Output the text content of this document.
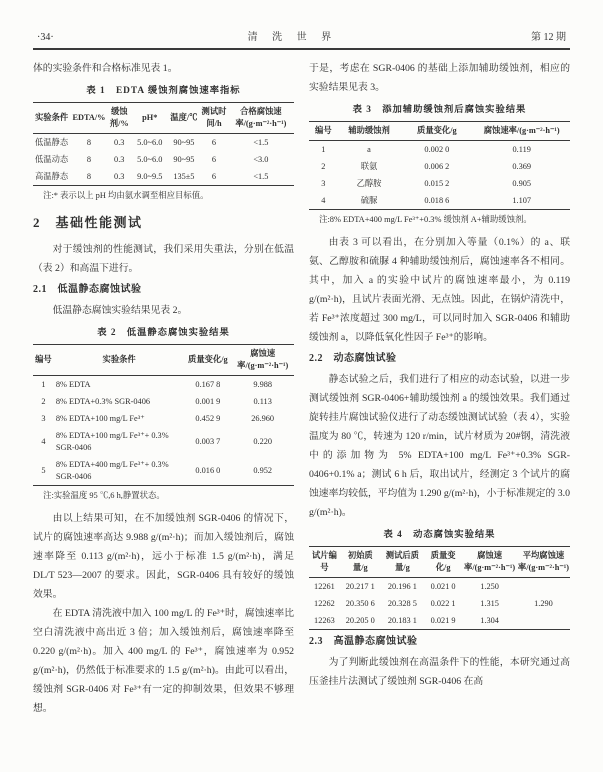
·34·	清 洗 世 界	第 12 期

体的实验条件和合格标准见表 1。

表 1　EDTA 缓蚀剂腐蚀速率指标
实验条件	EDTA/%	缓蚀剂/%	pH*	温度/℃	测试时间/h	合格腐蚀速率/(g·m⁻²·h⁻¹)
低温静态	8	0.3	5.0~6.0	90~95	6	<1.5
低温动态	8	0.3	5.0~6.0	90~95	6	<3.0
高温静态	8	0.3	9.0~9.5	135±5	6	<1.5

注:* 表示以上 pH 均由氨水调至相应目标值。

2　基础性能测试

对于缓蚀剂的性能测试，我们采用失重法，分别在低温（表 2）和高温下进行。

2.1　低温静态腐蚀试验

低温静态腐蚀实验结果见表 2。

表 2　低温静态腐蚀实验结果
编号	实验条件	质量变化/g	腐蚀速率/(g·m⁻²·h⁻¹)
1	8% EDTA	0.167 8	9.988
2	8% EDTA+0.3% SGR-0406	0.001 9	0.113
3	8% EDTA+100 mg/L Fe³⁺	0.452 9	26.960
4	8% EDTA+100 mg/L Fe³⁺+ 0.3% SGR-0406	0.003 7	0.220
5	8% EDTA+400 mg/L Fe³⁺+ 0.3% SGR-0406	0.016 0	0.952

注:实验温度 95 ℃,6 h,静置状态。

由以上结果可知，在不加缓蚀剂 SGR-0406 的情况下，试片的腐蚀速率高达 9.988 g/(m²·h)；而加入缓蚀剂后，腐蚀速率降至 0.113 g/(m²·h)，远小于标准 1.5 g/(m²·h)，满足 DL/T 523—2007 的要求。因此，SGR-0406 具有较好的缓蚀效果。

在 EDTA 清洗液中加入 100 mg/L 的 Fe³⁺时，腐蚀速率比空白清洗液中高出近 3 倍；加入缓蚀剂后，腐蚀速率降至 0.220 g/(m²·h)。加入 400 mg/L 的 Fe³⁺，腐蚀速率为 0.952 g/(m²·h)，仍然低于标准要求的 1.5 g/(m²·h)。由此可以看出，缓蚀剂 SGR-0406 对 Fe³⁺有一定的抑制效果，但效果不够理想。

于是，考虑在 SGR-0406 的基础上添加辅助缓蚀剂，相应的实验结果见表 3。

表 3　添加辅助缓蚀剂后腐蚀实验结果
编号	辅助缓蚀剂	质量变化/g	腐蚀速率/(g·m⁻²·h⁻¹)
1	a	0.002 0	0.119
2	联氨	0.006 2	0.369
3	乙醇胺	0.015 2	0.905
4	硫脲	0.018 6	1.107

注:8% EDTA+400 mg/L Fe³⁺+0.3% 缓蚀剂 A+辅助缓蚀剂。

由表 3 可以看出，在分别加入等量（0.1%）的 a、联氨、乙醇胺和硫脲 4 种辅助缓蚀剂后，腐蚀速率各不相同。其中，加入 a 的实验中试片的腐蚀速率最小，为 0.119 g/(m²·h)，且试片表面光滑、无点蚀。因此，在锅炉清洗中，若 Fe³⁺浓度超过 300 mg/L，可以同时加入 SGR-0406 和辅助缓蚀剂 a，以降低氧化性因子 Fe³⁺的影响。

2.2　动态腐蚀试验

静态试验之后，我们进行了相应的动态试验，以进一步测试缓蚀剂 SGR-0406+辅助缓蚀剂 a 的缓蚀效果。我们通过旋转挂片腐蚀试验仪进行了动态缓蚀测试试验（表 4），实验温度为 80 ℃，转速为 120 r/min，试片材质为 20#钢，清洗液中的添加物为 5% EDTA+100 mg/L Fe³⁺+0.3% SGR-0406+0.1% a；测试 6 h 后，取出试片，经测定 3 个试片的腐蚀速率均较低，平均值为 1.290 g/(m²·h)，小于标准规定的 3.0 g/(m²·h)。

表 4　动态腐蚀实验结果
试片编号	初始质量/g	测试后质量/g	质量变化/g	腐蚀速率/(g·m⁻²·h⁻¹)	平均腐蚀速率/(g·m⁻²·h⁻¹)
12261	20.217 1	20.196 1	0.021 0	1.250	
12262	20.350 6	20.328 5	0.022 1	1.315	1.290
12263	20.205 0	20.183 1	0.021 9	1.304	
2.3　高温静态腐蚀试验

为了判断此缓蚀剂在高温条件下的性能，本研究通过高压釜挂片法测试了缓蚀剂 SGR-0406 在高
